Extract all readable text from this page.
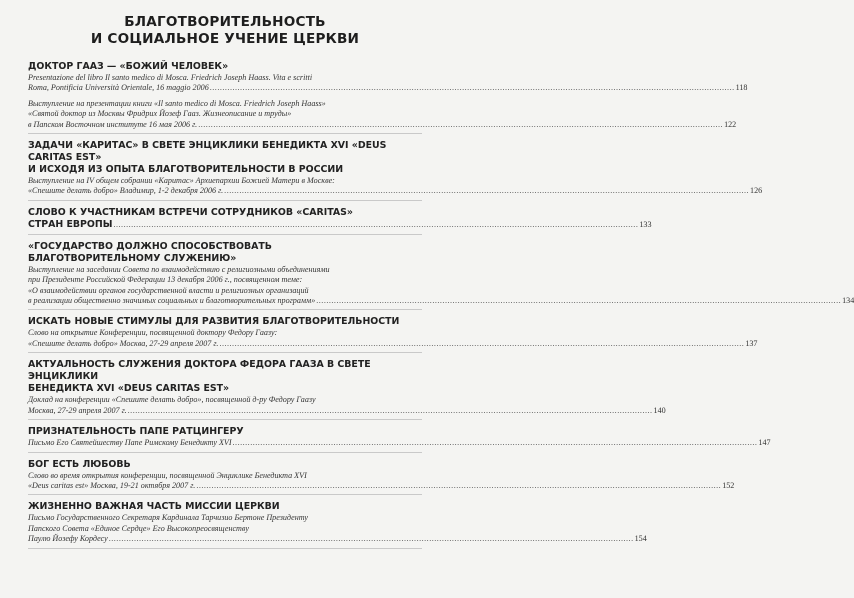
БЛАГОТВОРИТЕЛЬНОСТЬ
И СОЦИАЛЬНОЕ УЧЕНИЕ ЦЕРКВИ
ДОКТОР ГААЗ — «БОЖИЙ ЧЕЛОВЕК»
Presentazione del libro Il santo medico di Mosca. Friedrich Joseph Haass. Vita e scritti
Roma, Pontificia Università Orientale, 16 maggio 2006 .....	118
Выступление на презентации книги «Il santo medico di Mosca. Friedrich Joseph Haass»
«Святой доктор из Москвы Фридрих Йозеф Гааз. Жизнеописание и труды»
в Папском Восточном институте 16 мая 2006 г. .....	122
ЗАДАЧИ «КАРИТАС» В СВЕТЕ ЭНЦИКЛИКИ БЕНЕДИКТА XVI «DEUS CARITAS EST»
И ИСХОДЯ ИЗ ОПЫТА БЛАГОТВОРИТЕЛЬНОСТИ В РОССИИ
Выступление на IV общем собрании «Каритас» Архиепархии Божией Матери в Москве:
«Спешите делать добро» Владимир, 1-2 декабря 2006 г. .....	126
СЛОВО К УЧАСТНИКАМ ВСТРЕЧИ СОТРУДНИКОВ «CARITAS»
СТРАН ЕВРОПЫ .....	133
«ГОСУДАРСТВО ДОЛЖНО СПОСОБСТВОВАТЬ
БЛАГОТВОРИТЕЛЬНОМУ СЛУЖЕНИЮ»
Выступление на заседании Совета по взаимодействию с религиозными объединениями
при Президенте Российской Федерации 13 декабря 2006 г., посвященном теме:
«О взаимодействии органов государственной власти и религиозных организаций
в реализации общественно значимых социальных и благотворительных программ» .....	134
ИСКАТЬ НОВЫЕ СТИМУЛЫ ДЛЯ РАЗВИТИЯ БЛАГОТВОРИТЕЛЬНОСТИ
Слово на открытие Конференции, посвященной доктору Федору Гаазу:
«Спешите делать добро» Москва, 27-29 апреля 2007 г. .....	137
АКТУАЛЬНОСТЬ СЛУЖЕНИЯ ДОКТОРА ФЕДОРА ГААЗА В СВЕТЕ ЭНЦИКЛИКИ
БЕНЕДИКТА XVI «DEUS CARITAS EST»
Доклад на конференции «Спешите делать добро», посвященной д-ру Федору Гаазу
Москва, 27-29 апреля 2007 г. .....	140
ПРИЗНАТЕЛЬНОСТЬ ПАПЕ РАТЦИНГЕРУ
Письмо Его Святейшеству Папе Римскому Бенедикту XVI .....	147
БОГ ЕСТЬ ЛЮБОВЬ
Слово во время открытия конференции, посвященной Энциклике Бенедикта XVI
«Deus caritas est» Москва, 19-21 октября 2007 г. .....	152
ЖИЗНЕННО ВАЖНАЯ ЧАСТЬ МИССИИ ЦЕРКВИ
Письмо Государственного Секретаря Кардинала Тарчизио Бертоне Президенту
Папского Совета «Единое Сердце» Его Высокопреосвященству
Паулю Йозефу Кордесу .....	154
